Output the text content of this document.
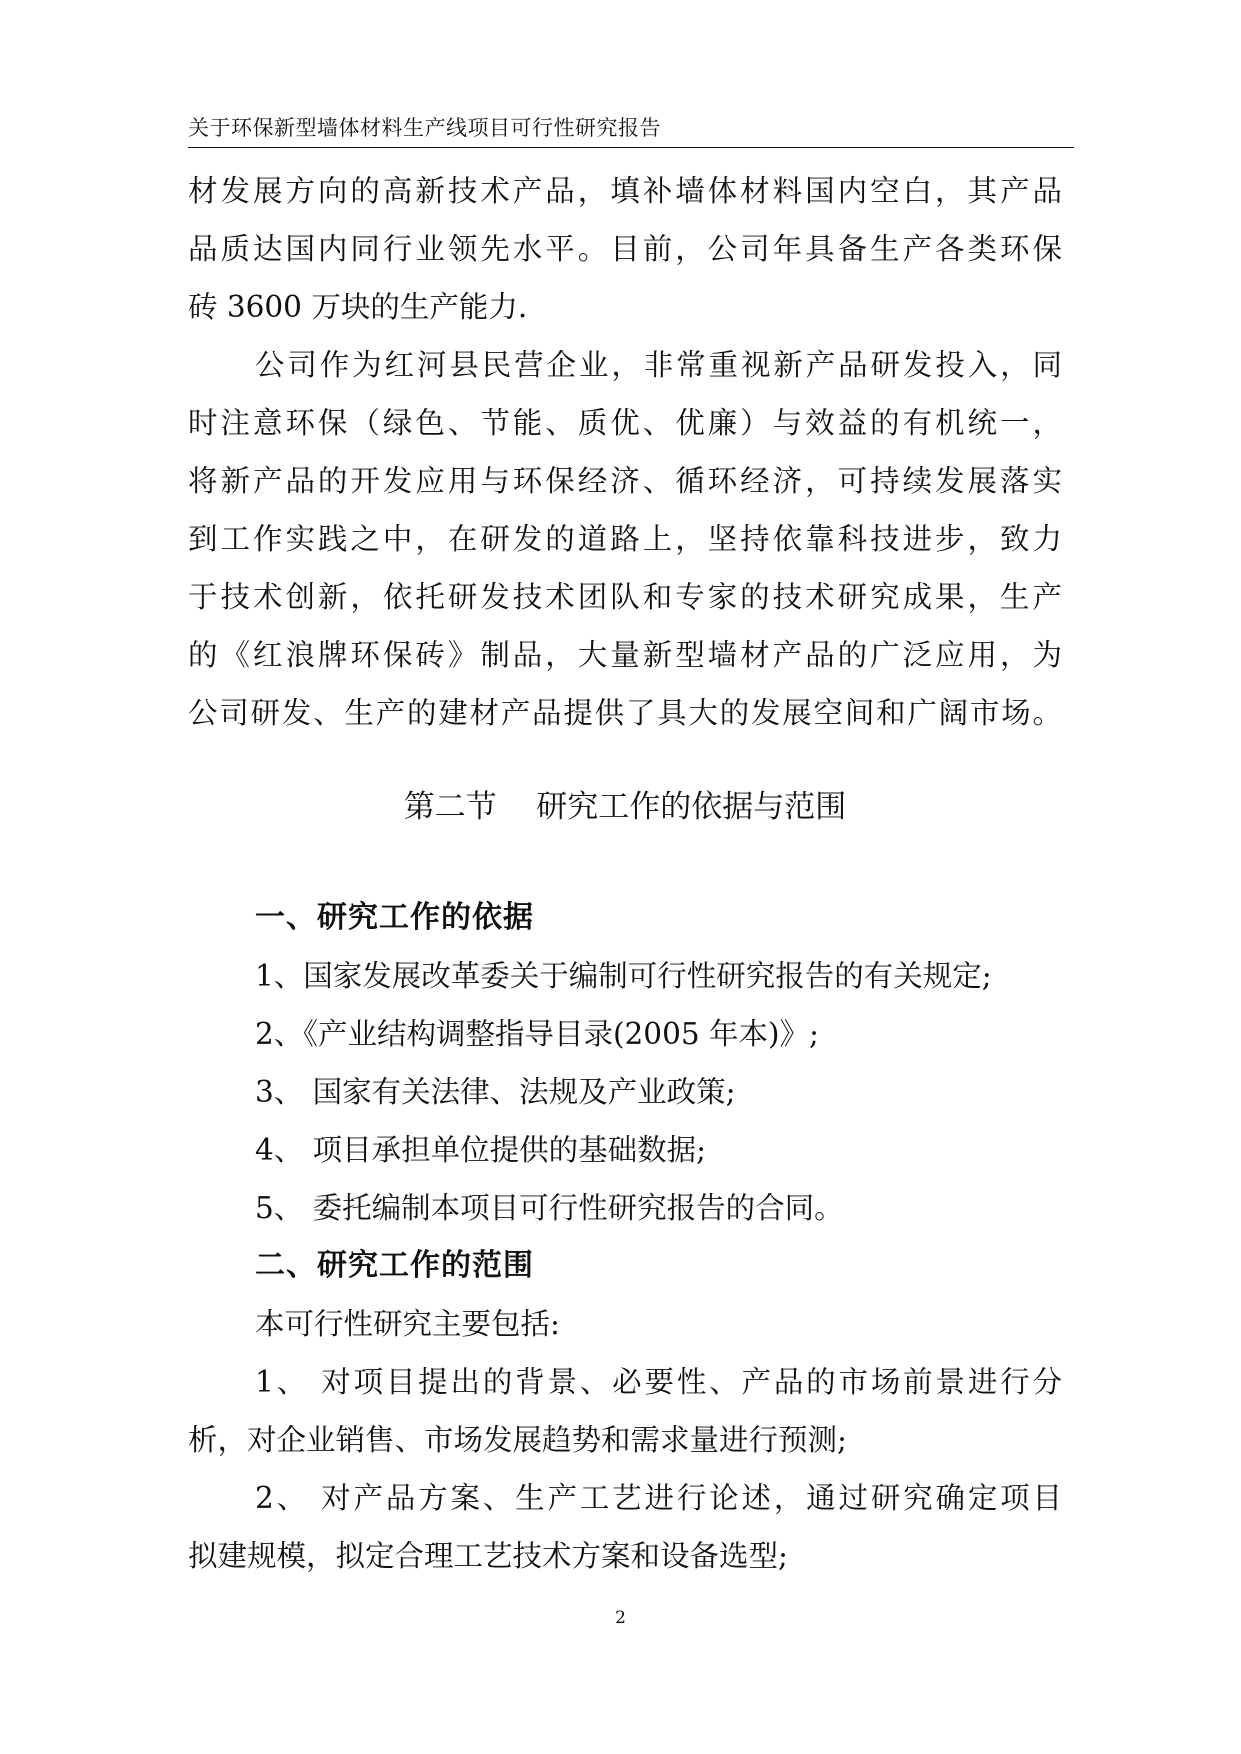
关于环保新型墙体材料生产线项目可行性研究报告
材发展方向的高新技术产品，填补墙体材料国内空白，其产品
品质达国内同行业领先水平。目前，公司年具备生产各类环保
砖 3600 万块的生产能力.
公司作为红河县民营企业，非常重视新产品研发投入，同
时注意环保（绿色、节能、质优、优廉）与效益的有机统一，
将新产品的开发应用与环保经济、循环经济，可持续发展落实
到工作实践之中，在研发的道路上，坚持依靠科技进步，致力
于技术创新，依托研发技术团队和专家的技术研究成果，生产
的《红浪牌环保砖》制品，大量新型墙材产品的广泛应用，为
公司研发、生产的建材产品提供了具大的发展空间和广阔市场。
第二节    研究工作的依据与范围
一、研究工作的依据
1、国家发展改革委关于编制可行性研究报告的有关规定;
2、《产业结构调整指导目录(2005 年本)》;
3、 国家有关法律、法规及产业政策;
4、 项目承担单位提供的基础数据;
5、 委托编制本项目可行性研究报告的合同。
二、研究工作的范围
本可行性研究主要包括:
1、 对项目提出的背景、必要性、产品的市场前景进行分
析，对企业销售、市场发展趋势和需求量进行预测;
2、 对产品方案、生产工艺进行论述，通过研究确定项目
拟建规模，拟定合理工艺技术方案和设备选型;
2
